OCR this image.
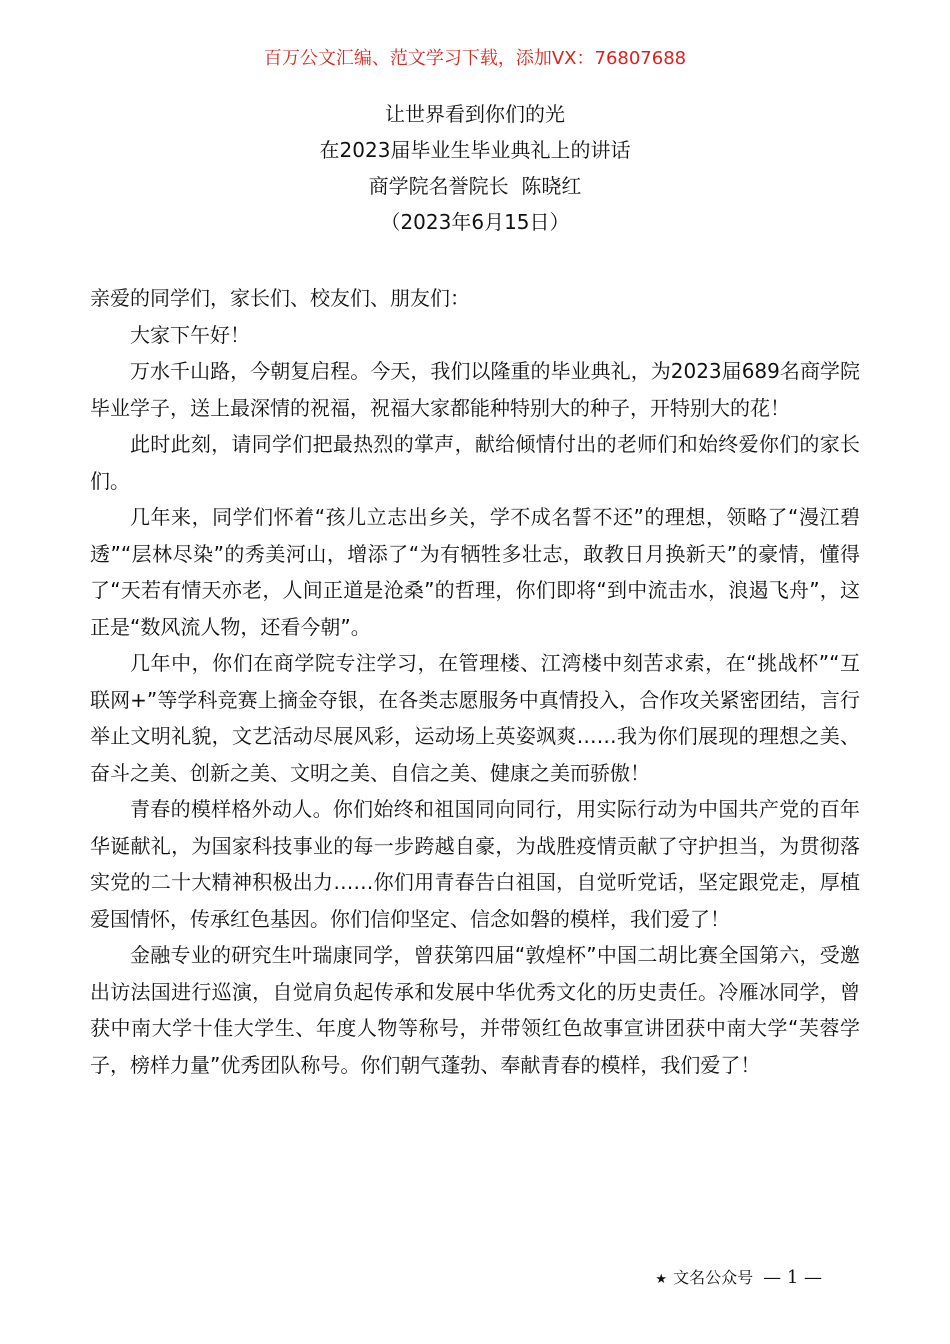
百万公文汇编、范文学习下载，添加VX：76807688
让世界看到你们的光
在2023届毕业生毕业典礼上的讲话
商学院名誉院长  陈晓红
（2023年6月15日）

亲爱的同学们，家长们、校友们、朋友们：

大家下午好！

万水千山路，今朝复启程。今天，我们以隆重的毕业典礼，为2023届689名商学院毕业学子，送上最深情的祝福，祝福大家都能种特别大的种子，开特别大的花！

此时此刻，请同学们把最热烈的掌声，献给倾情付出的老师们和始终爱你们的家长们。

几年来，同学们怀着“孩儿立志出乡关，学不成名誓不还”的理想，领略了“漫江碧透”“层林尽染”的秀美河山，增添了“为有牺牲多壮志，敢教日月换新天”的豪情，懂得了“天若有情天亦老，人间正道是沧桑”的哲理，你们即将“到中流击水，浪遏飞舟”，这正是“数风流人物，还看今朝”。

几年中，你们在商学院专注学习，在管理楼、江湾楼中刻苦求索，在“挑战杯”“互联网+”等学科竞赛上摘金夺银，在各类志愿服务中真情投入，合作攻关紧密团结，言行举止文明礼貌，文艺活动尽展风彩，运动场上英姿飒爽……我为你们展现的理想之美、奋斗之美、创新之美、文明之美、自信之美、健康之美而骄傲！

青春的模样格外动人。你们始终和祖国同向同行，用实际行动为中国共产党的百年华诞献礼，为国家科技事业的每一步跨越自豪，为战胜疫情贡献了守护担当，为贯彻落实党的二十大精神积极出力……你们用青春告白祖国，自觉听党话，坚定跟党走，厚植爱国情怀，传承红色基因。你们信仰坚定、信念如磐的模样，我们爱了！

金融专业的研究生叶瑞康同学，曾获第四届“敦煌杯”中国二胡比赛全国第六，受邀出访法国进行巡演，自觉肩负起传承和发展中华优秀文化的历史责任。冷雁冰同学，曾获中南大学十佳大学生、年度人物等称号，并带领红色故事宣讲团获中南大学“芙蓉学子，榜样力量”优秀团队称号。你们朝气蓬勃、奉献青春的模样，我们爱了！

★ 文名公众号 — 1 —
